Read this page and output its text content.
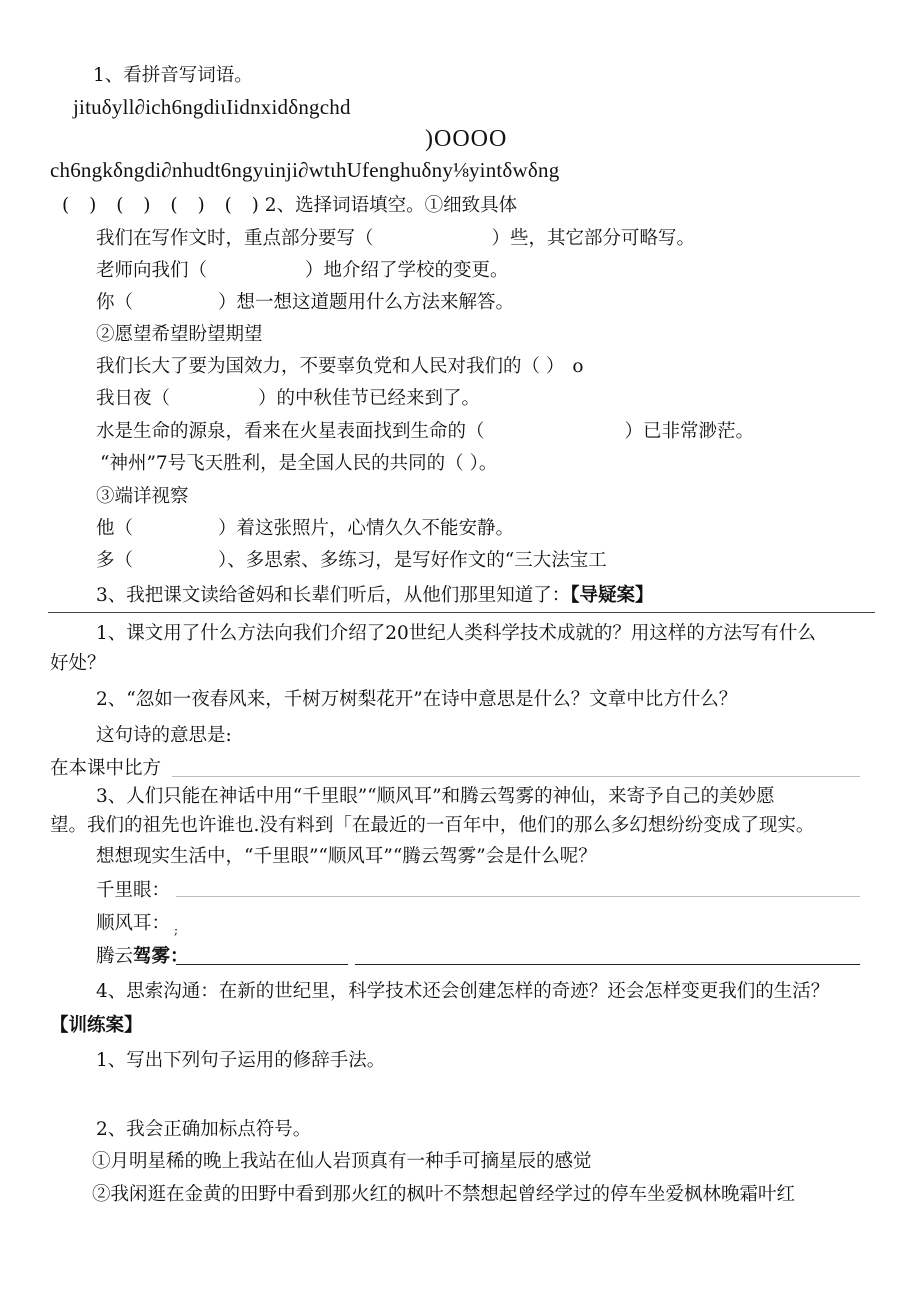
1、看拼音写词语。
jituδyll∂ich6ngdiιIidnxidδngchd
)OOOO
ch6ngkδngdi∂nhudt6ngyιinji∂wtιhUfenghuδny⅛yintδwδng
( ) ( ) ( ) ( ) 2、选择词语填空。①细致具体
我们在写作文时，重点部分要写（	）些，其它部分可略写。
老师向我们（	）地介绍了学校的变更。
你（	）想一想这道题用什么方法来解答。
②愿望希望盼望期望
我们长大了要为国效力，不要辜负党和人民对我们的（ ） o
我日夜（	）的中秋佳节已经来到了。
水是生命的源泉，看来在火星表面找到生命的（	）已非常渺茫。
“神州”7号飞天胜利，是全国人民的共同的（ ）。
③端详视察
他（	）着这张照片，心情久久不能安静。
多（	）、多思索、多练习，是写好作文的“三大法宝工
3、我把课文读给爸妈和长辈们听后，从他们那里知道了：【导疑案】
1、课文用了什么方法向我们介绍了20世纪人类科学技术成就的？用这样的方法写有什么
好处？
2、“忽如一夜春风来，千树万树梨花开”在诗中意思是什么？文章中比方什么？
这句诗的意思是:
在本课中比方
3、人们只能在神话中用“千里眼”“顺风耳”和腾云驾雾的神仙，来寄予自己的美妙愿
望。我们的祖先也许谁也.没有料到「在最近的一百年中，他们的那么多幻想纷纷变成了现实。
想想现实生活中，“千里眼”“顺风耳”“腾云驾雾”会是什么呢？
千里眼：
顺风耳： ;
腾云驾雾：
4、思索沟通：在新的世纪里，科学技术还会创建怎样的奇迹？还会怎样变更我们的生活？
【训练案】
1、写出下列句子运用的修辞手法。
2、我会正确加标点符号。
①月明星稀的晚上我站在仙人岩顶真有一种手可摘星辰的感觉
②我闲逛在金黄的田野中看到那火红的枫叶不禁想起曾经学过的停车坐爱枫林晚霜叶红
